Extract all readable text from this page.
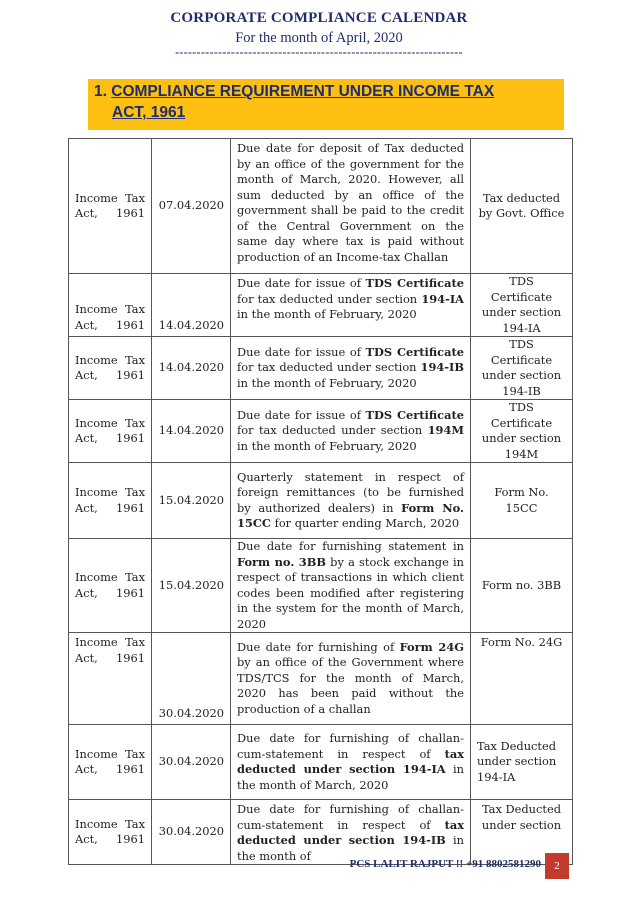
CORPORATE COMPLIANCE CALENDAR
For the month of April, 2020
-------------------------------------------------------------------
1. COMPLIANCE REQUIREMENT UNDER INCOME TAX
ACT, 1961
Income Tax Act, 1961	07.04.2020	Due date for deposit of Tax deducted by an office of the government for the month of March, 2020. However, all sum deducted by an office of the government shall be paid to the credit of the Central Government on the same day where tax is paid without production of an Income-tax Challan	Tax deducted by Govt. Office
Income Tax Act, 1961	14.04.2020	Due date for issue of TDS Certificate for tax deducted under section 194-IA in the month of February, 2020	TDS Certificate under section 194-IA
Income Tax Act, 1961	14.04.2020	Due date for issue of TDS Certificate for tax deducted under section 194-IB in the month of February, 2020	TDS Certificate under section 194-IB
Income Tax Act, 1961	14.04.2020	Due date for issue of TDS Certificate for tax deducted under section 194M in the month of February, 2020	TDS Certificate under section 194M
Income Tax Act, 1961	15.04.2020	Quarterly statement in respect of foreign remittances (to be furnished by authorized dealers) in Form No. 15CC for quarter ending March, 2020	Form No. 15CC
Income Tax Act, 1961	15.04.2020	Due date for furnishing statement in Form no. 3BB by a stock exchange in respect of transactions in which client codes been modified after registering in the system for the month of March, 2020	Form no. 3BB
Income Tax Act, 1961	30.04.2020	Due date for furnishing of Form 24G by an office of the Government where TDS/TCS for the month of March, 2020 has been paid without the production of a challan	Form No. 24G
Income Tax Act, 1961	30.04.2020	Due date for furnishing of challan-cum-statement in respect of tax deducted under section 194-IA in the month of March, 2020	Tax Deducted under section 194-IA
Income Tax Act, 1961	30.04.2020	Due date for furnishing of challan-cum-statement in respect of tax deducted under section 194-IB in the month of	Tax Deducted under section
PCS LALIT RAJPUT !! +91 8802581290	2
